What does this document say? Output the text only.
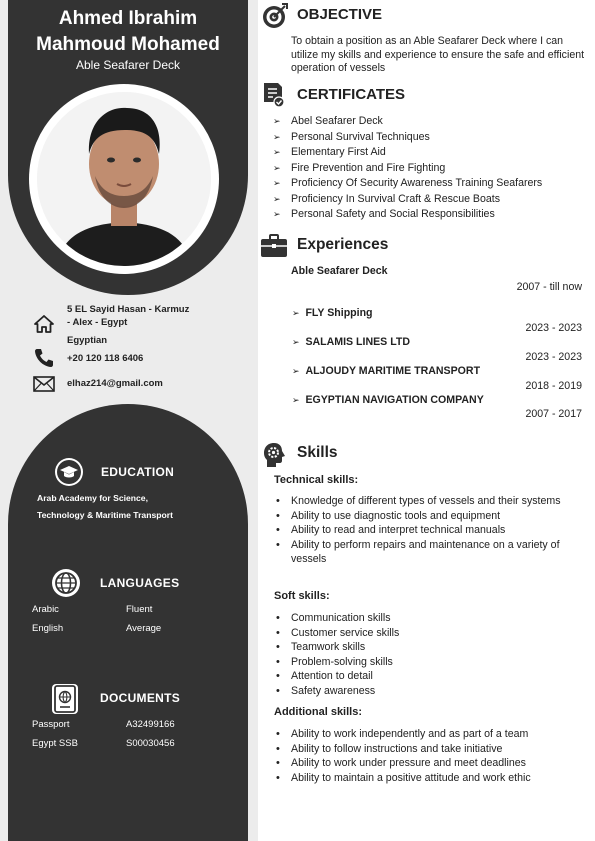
Ahmed Ibrahim
Mahmoud Mohamed
Able Seafarer Deck
5 EL Sayid Hasan - Karmuz
- Alex - Egypt
Egyptian
+20 120 118 6406
elhaz214@gmail.com
EDUCATION
Arab Academy for Science,
Technology & Maritime Transport
LANGUAGES
Arabic	Fluent
English	Average
DOCUMENTS
Passport	A32499166
Egypt SSB	S00030456
OBJECTIVE
To obtain a position as an Able Seafarer Deck where I can utilize my skills and experience to ensure the safe and efficient operation of vessels
CERTIFICATES
➢ Abel Seafarer Deck
➢ Personal Survival Techniques
➢ Elementary First Aid
➢ Fire Prevention and Fire Fighting
➢ Proficiency Of Security Awareness Training Seafarers
➢ Proficiency In Survival Craft & Rescue Boats
➢ Personal Safety and Social Responsibilities
Experiences
Able Seafarer Deck
2007 - till now
➢ FLY Shipping
2023 - 2023
➢ SALAMIS LINES LTD
2023 - 2023
➢ ALJOUDY MARITIME TRANSPORT
2018 - 2019
➢ EGYPTIAN NAVIGATION COMPANY
2007 - 2017
Skills
Technical skills:
• Knowledge of different types of vessels and their systems
• Ability to use diagnostic tools and equipment
• Ability to read and interpret technical manuals
• Ability to perform repairs and maintenance on a variety of vessels
Soft skills:
• Communication skills
• Customer service skills
• Teamwork skills
• Problem-solving skills
• Attention to detail
• Safety awareness
Additional skills:
• Ability to work independently and as part of a team
• Ability to follow instructions and take initiative
• Ability to work under pressure and meet deadlines
• Ability to maintain a positive attitude and work ethic
